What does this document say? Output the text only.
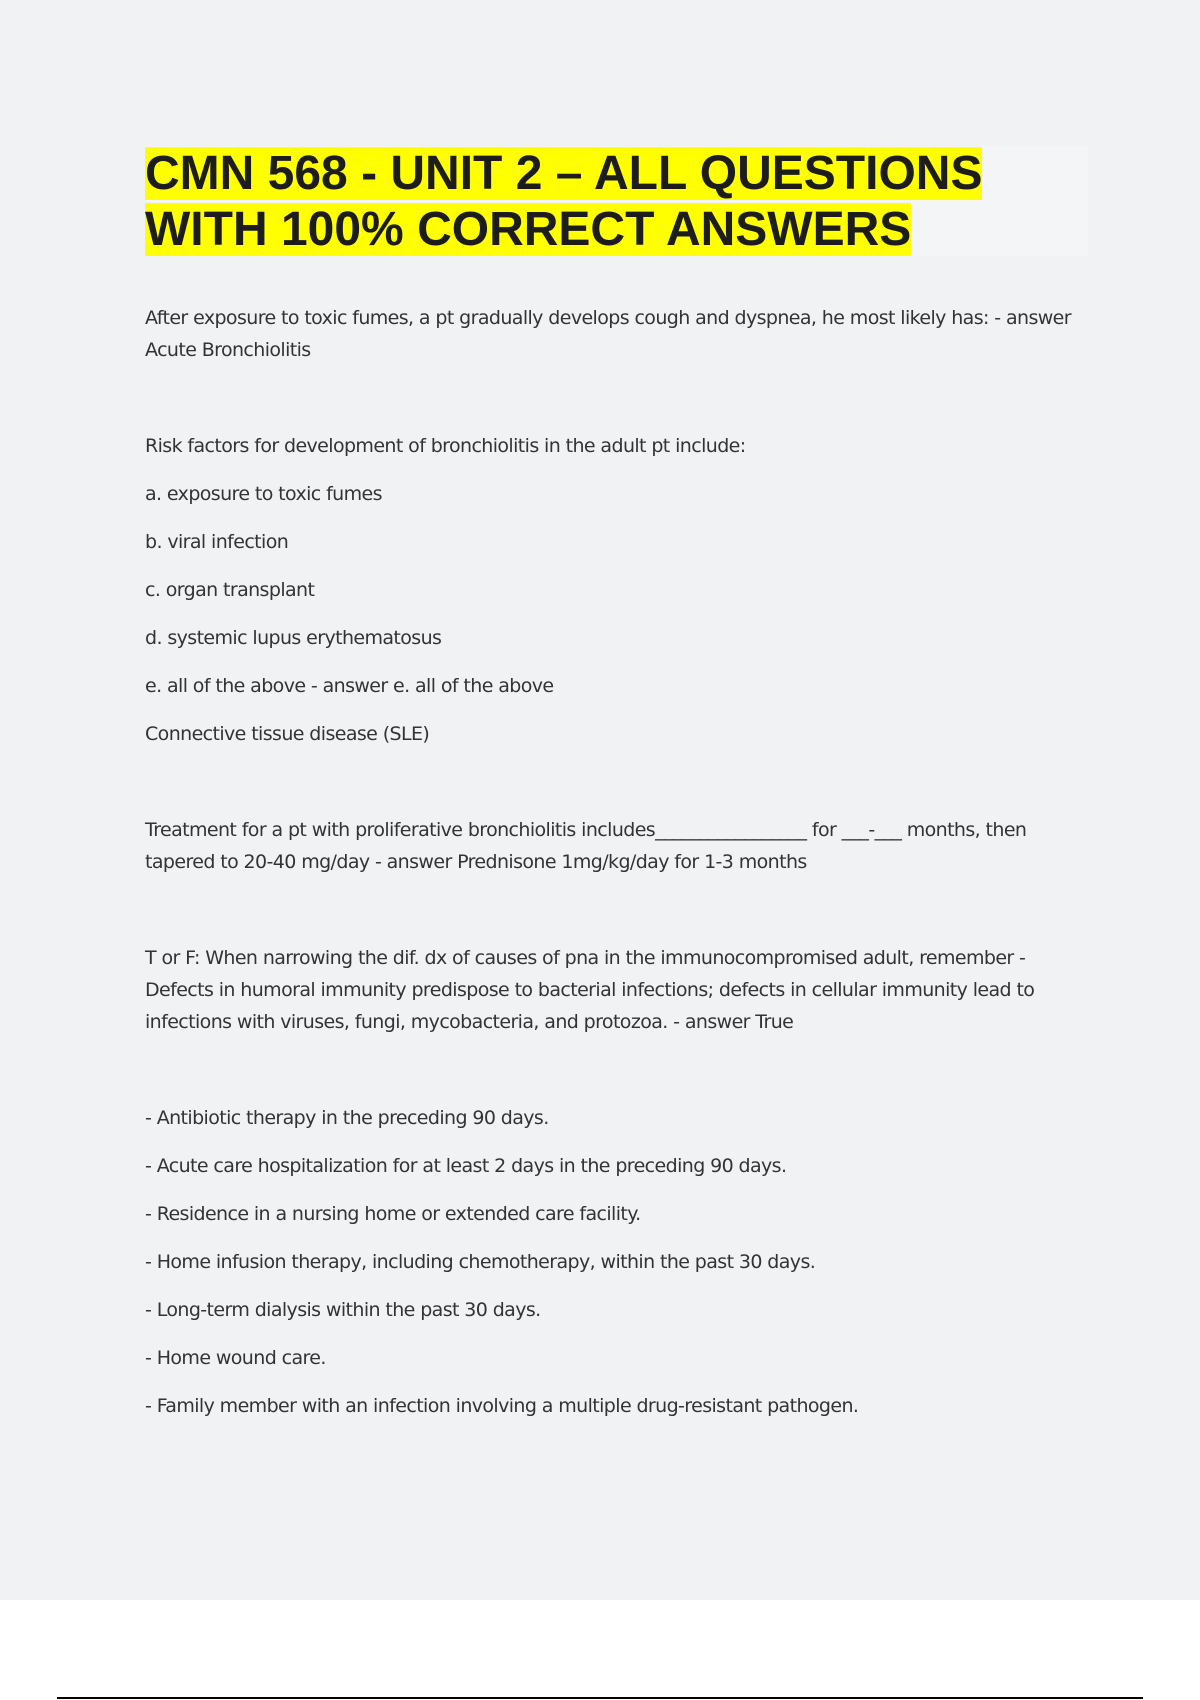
CMN 568 - UNIT 2 – ALL QUESTIONS
WITH 100% CORRECT ANSWERS

After exposure to toxic fumes, a pt gradually develops cough and dyspnea, he most likely has: - answer Acute Bronchiolitis

Risk factors for development of bronchiolitis in the adult pt include:

a. exposure to toxic fumes

b. viral infection

c. organ transplant

d. systemic lupus erythematosus

e. all of the above - answer e. all of the above

Connective tissue disease (SLE)

Treatment for a pt with proliferative bronchiolitis includes_________________ for ___-___ months, then tapered to 20-40 mg/day - answer Prednisone 1mg/kg/day for 1-3 months

T or F: When narrowing the dif. dx of causes of pna in the immunocompromised adult, remember - Defects in humoral immunity predispose to bacterial infections; defects in cellular immunity lead to infections with viruses, fungi, mycobacteria, and protozoa. - answer True

- Antibiotic therapy in the preceding 90 days.

- Acute care hospitalization for at least 2 days in the preceding 90 days.

- Residence in a nursing home or extended care facility.

- Home infusion therapy, including chemotherapy, within the past 30 days.

- Long-term dialysis within the past 30 days.

- Home wound care.

- Family member with an infection involving a multiple drug-resistant pathogen.
